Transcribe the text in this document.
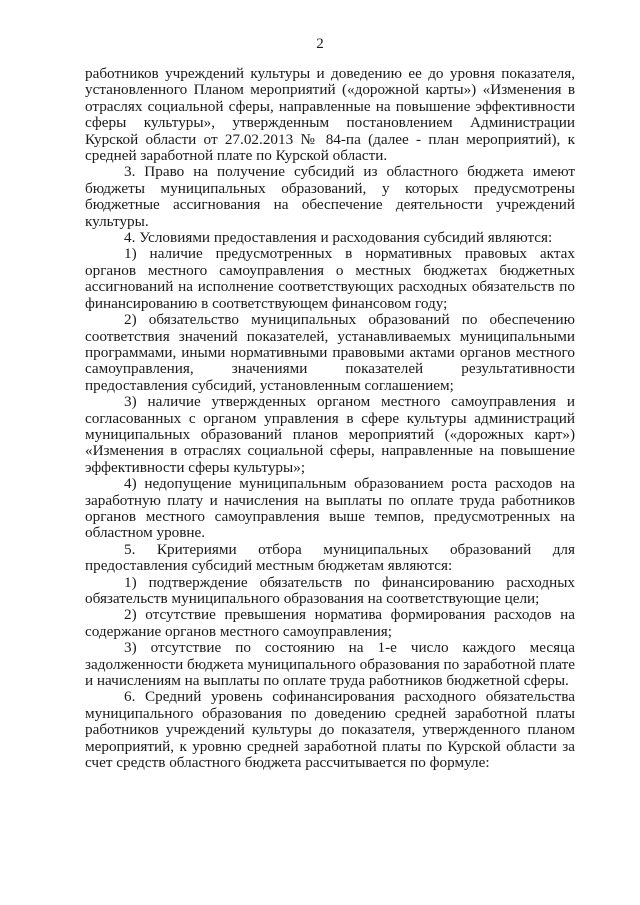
2

работников учреждений культуры и доведению ее до уровня показателя, установленного Планом мероприятий («дорожной карты») «Изменения в отраслях социальной сферы, направленные на повышение эффективности сферы культуры», утвержденным постановлением Администрации Курской области от 27.02.2013 № 84-па (далее - план мероприятий), к средней заработной плате по Курской области.

3. Право на получение субсидий из областного бюджета имеют бюджеты муниципальных образований, у которых предусмотрены бюджетные ассигнования на обеспечение деятельности учреждений культуры.

4. Условиями предоставления и расходования субсидий являются:

1) наличие предусмотренных в нормативных правовых актах органов местного самоуправления о местных бюджетах бюджетных ассигнований на исполнение соответствующих расходных обязательств по финансированию в соответствующем финансовом году;

2) обязательство муниципальных образований по обеспечению соответствия значений показателей, устанавливаемых муниципальными программами, иными нормативными правовыми актами органов местного самоуправления, значениями показателей результативности предоставления субсидий, установленным соглашением;

3) наличие утвержденных органом местного самоуправления и согласованных с органом управления в сфере культуры администраций муниципальных образований планов мероприятий («дорожных карт») «Изменения в отраслях социальной сферы, направленные на повышение эффективности сферы культуры»;

4) недопущение муниципальным образованием роста расходов на заработную плату и начисления на выплаты по оплате труда работников органов местного самоуправления выше темпов, предусмотренных на областном уровне.

5. Критериями отбора муниципальных образований для предоставления субсидий местным бюджетам являются:

1) подтверждение обязательств по финансированию расходных обязательств муниципального образования на соответствующие цели;

2) отсутствие превышения норматива формирования расходов на содержание органов местного самоуправления;

3) отсутствие по состоянию на 1-е число каждого месяца задолженности бюджета муниципального образования по заработной плате и начислениям на выплаты по оплате труда работников бюджетной сферы.

6. Средний уровень софинансирования расходного обязательства муниципального образования по доведению средней заработной платы работников учреждений культуры до показателя, утвержденного планом мероприятий, к уровню средней заработной платы по Курской области за счет средств областного бюджета рассчитывается по формуле:
